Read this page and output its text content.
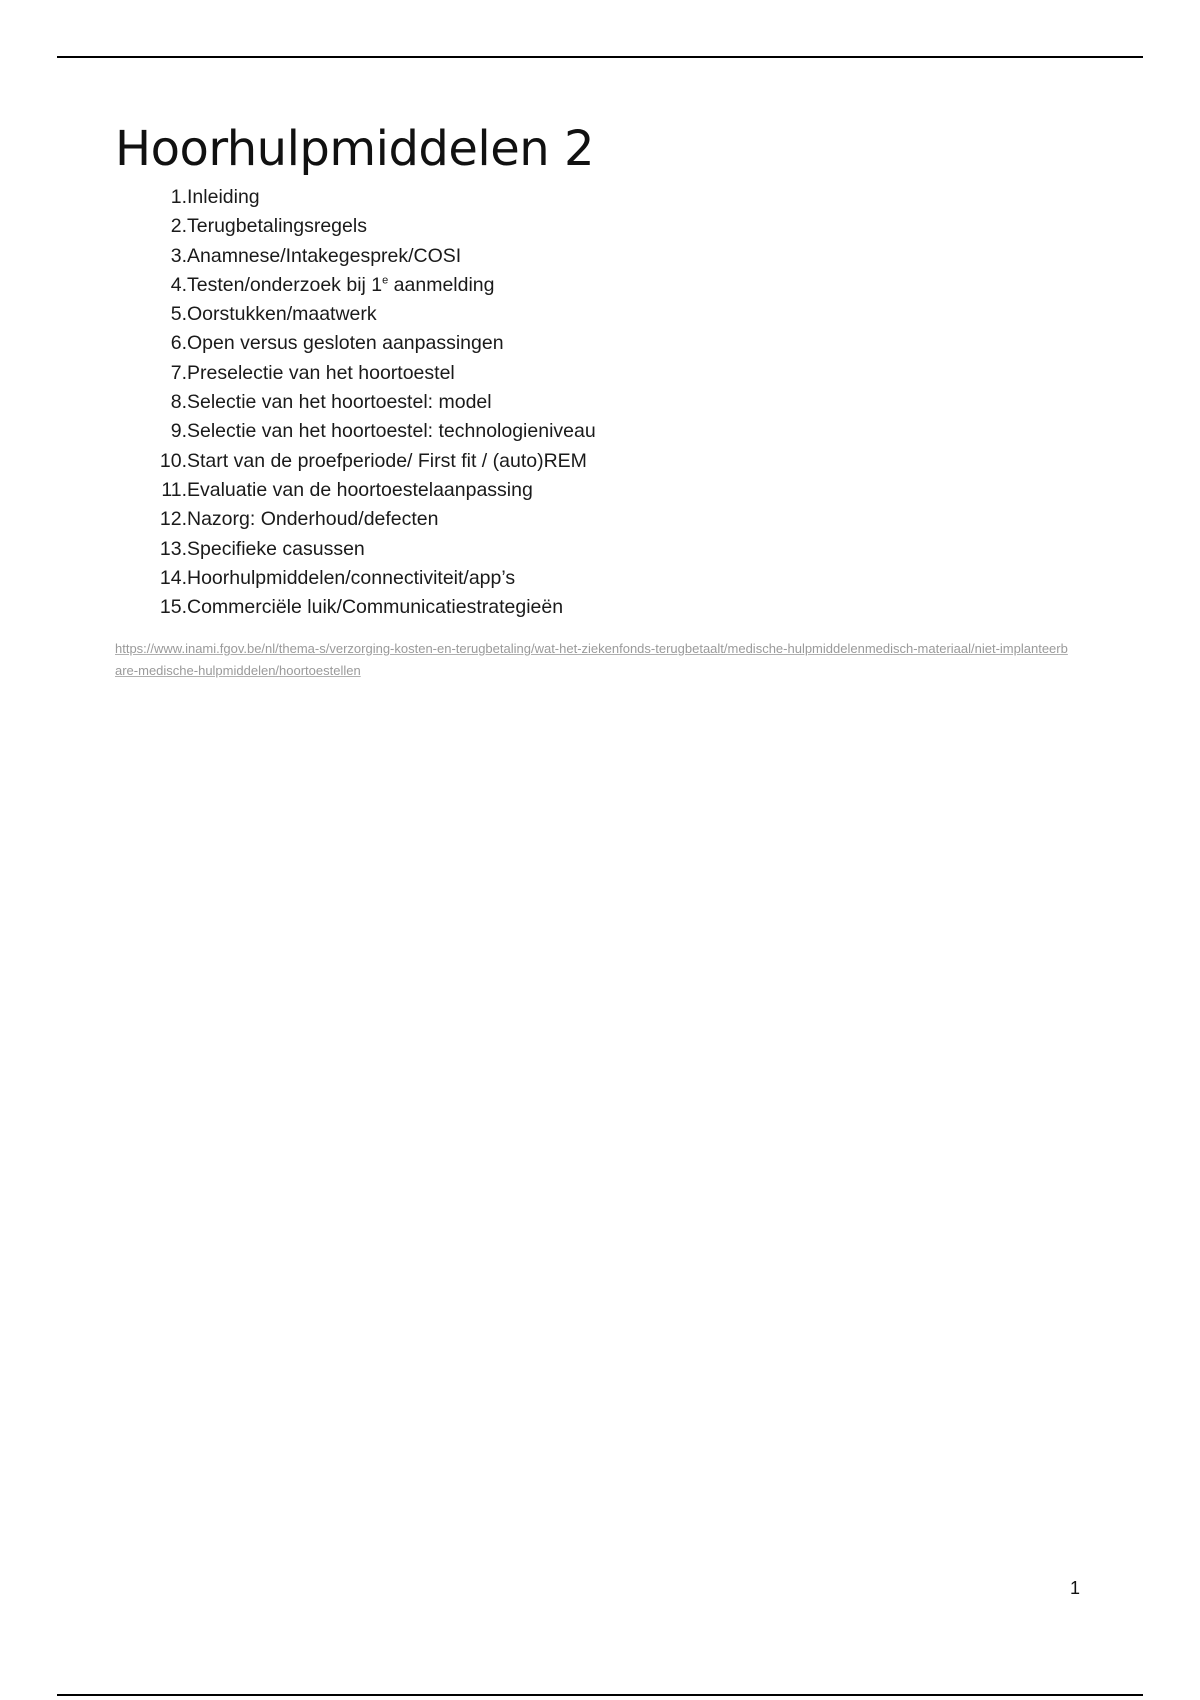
Hoorhulpmiddelen 2
1. Inleiding
2. Terugbetalingsregels
3. Anamnese/Intakegesprek/COSI
4. Testen/onderzoek bij 1e aanmelding
5. Oorstukken/maatwerk
6. Open versus gesloten aanpassingen
7. Preselectie van het hoortoestel
8. Selectie van het hoortoestel: model
9. Selectie van het hoortoestel: technologieniveau
10. Start van de proefperiode/ First fit / (auto)REM
11. Evaluatie van de hoortoestelaanpassing
12. Nazorg: Onderhoud/defecten
13. Specifieke casussen
14. Hoorhulpmiddelen/connectiviteit/app’s
15. Commerciële luik/Communicatiestrategieën
https://www.inami.fgov.be/nl/thema-s/verzorging-kosten-en-terugbetaling/wat-het-ziekenfonds-terugbetaalt/medische-hulpmiddelenmedisch-materiaal/niet-implanteerbare-medische-hulpmiddelen/hoortoestellen
1
